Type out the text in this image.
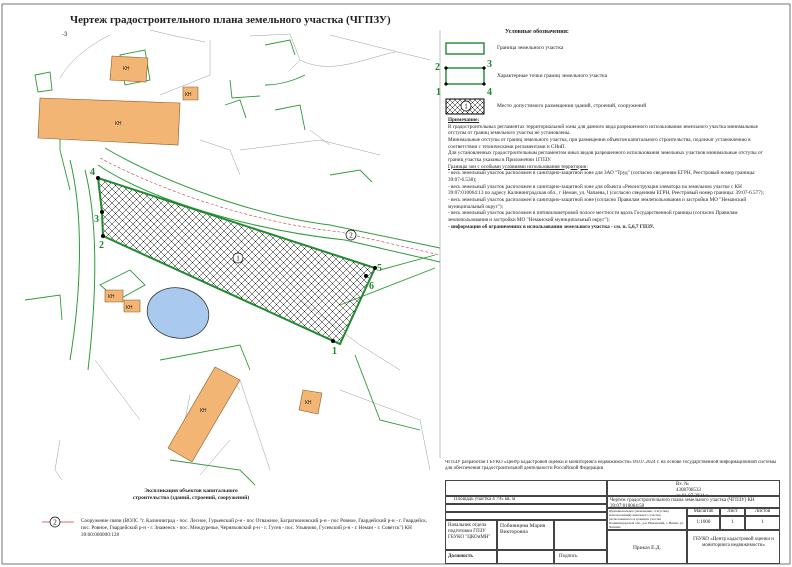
4
3
2
5
6
1
1
2
КН
КН
КН
КН
КН
КН
КН
-3
2	3
1	4
1
2
Чертеж градостроительного плана земельного участка (ЧГПЗУ)
Условные обозначения:
Граница земельного участка
Характерные точки границ земельного участка
Место допустимого размещения зданий, строений, сооружений

Примечание:

В градостроительных регламентах территориальной зоны для данного вида разрешенного использования земельного участка минимальные отступы от границ земельного участка не установлены.

Минимальные отступы от границ земельного участка, при размещении объектов капитального строительства, подлежат установлению в соответствии с техническими регламентами и СНиП.

Для установленных градостроительным регламентом иных видов разрешенного использования земельных участков минимальные отступы от границ участка указаны в Приложении 1ГПЗУ.

Границы зон с особыми условиями использования территории:

- весь земельный участок расположен в санитарно-защитной зоне для ЗАО "Труд" (согласно сведениям ЕГРН, Реестровый номер границы: 39:07-6.538);

- весь земельный участок расположен в санитарно-защитной зоне для объекта «Реконструкция элеватора на земельном участке с КН 39:07:010064:13 по адресу Калининградская обл., г Неман, ул. Чапаева,1 (согласно сведениям ЕГРН, Реестровый номер границы: 39:07-6.577);

- весь земельный участок расположен в санитарно-защитной зоне (согласно Правилам землепользования и застройки МО "Неманский муниципальный округ");

- весь земельный участок расположен в пятикилометровой полосе местности вдоль Государственной границы (согласно Правилам землепользования и застройки МО "Неманский муниципальный округ");

- информация об ограничениях в использовании земельного участка - см. п. 5,6,7 ГПЗУ.

Экспликация объектов капитального строительства (зданий, строений, сооружений)
Сооружение связи (ВОЛС "г. Калининград - пос. Лесное, Гурьевский р-н - пос Отважное, Багратионовский р-н - пос Ровное, Гвардейский р-н - г. Гвардейск, пос. Ровное, Гвардейский р-н - г. Знаменск - пос. Междуречье, Черняховский р-н - г. Гусев - пос. Ульяново, Гусевский р-н - г. Неман - г. Советск") КН 39:00:000000:128
ЧГПЗУ разработан ГБУКО «Центр кадастровой оценки и мониторинга недвижимости» 09.07.2024 г. на основе государственной информационной системы для обеспечения градостроительной деятельности Российской Федерации
Вх. № 4308708533
от 01.07.2024 г.
Площадь участка 4 795 кв. м	Чертеж градостроительного плана земельного участка (ЧГПЗУ) КН 39:07:010064:50
Начальник отдела подготовки ГПЗУ ГБУКО "ЦКОиМН"
Побиянцева Мария Викторовна
Функциональное (назначение, статус/вид использования) земельного участка, расположенного в границах участка Калининградская обл., р-н Неманский, г. Неман, ул. Чапаева
Масштаб	Лист	Листов
1:1000	1	1
Приказ Е.Д.
ГБУКО «Центр кадастровой оценки и мониторинга недвижимости»
Должность	Подпись
